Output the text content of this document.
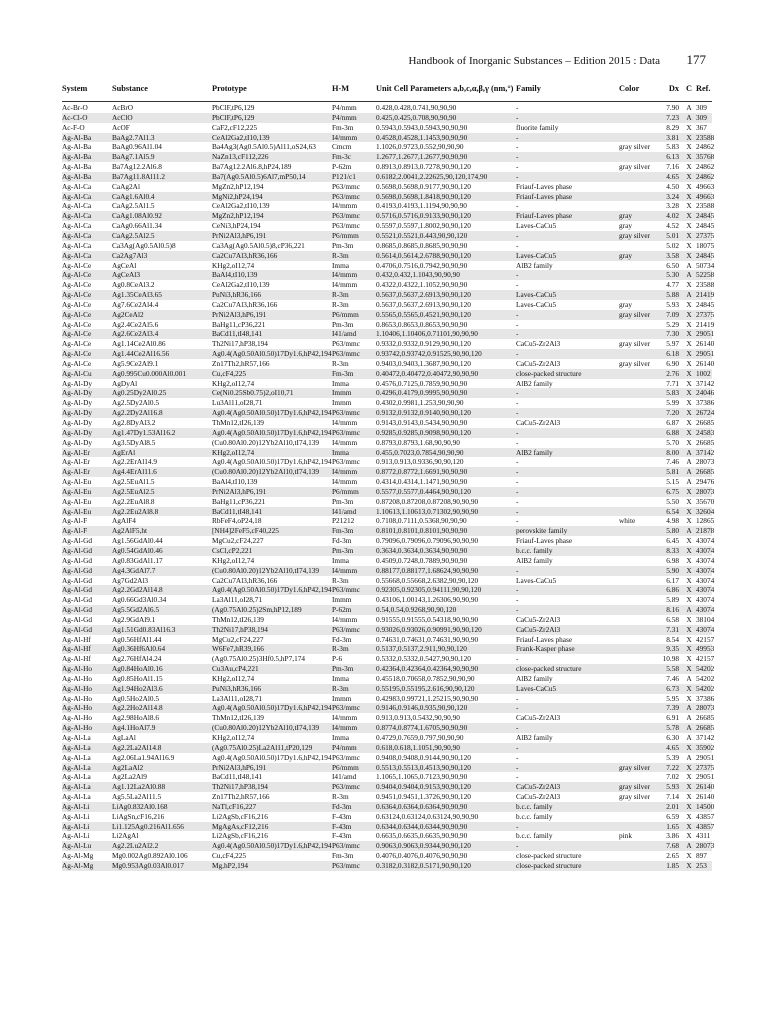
Handbook of Inorganic Substances – Edition 2015 : Data 177
System	Substance	Prototype	H-M	Unit Cell Parameters a,b,c,α,β,γ (nm,°) Family	Color	Dx C Ref.
Ac-Br-O	AcBrO	PbClF,tP6,129	P4/nmm	0.428,0.428,0.741,90,90,90	-	7.90	A 309
Ac-Cl-O	AcClO	PbClF,tP6,129	P4/nmm	0.425,0.425,0.708,90,90,90	-	7.23	A 309
Ac-F-O	AcOF	CaF2,cF12,225	Fm-3m	0.5943,0.5943,0.5943,90,90,90	fluorite family	8.29	X 367
Ag-Al-Ba	BaAg2.7Al1.3	CeAl2Ga2,tI10,139	I4/mmm	0.4528,0.4528,1.1453,90,90,90	-	3.81	X 23588
Ag-Al-Ba	BaAg0.96Al1.04	Ba4Ag3(Ag0.5Al0.5)Al11,oS24,63	Cmcm	1.1026,0.9723,0.552,90,90,90	-	gray silver	5.83	X 24862
Ag-Al-Ba	BaAg7.1Al5.9	NaZn13,cF112,226	Fm-3c	1.2677,1.2677,1.2677,90,90,90	-	6.13	X 35768
Ag-Al-Ba	Ba7Ag12.2Al6.8	Ba7Ag12.2Al6.8,hP24,189	P-62m	0.8913,0.8913,0.7278,90,90,120	-	gray silver	7.16	X 24862
Ag-Al-Ba	Ba7Ag11.8Al11.2	Ba7(Ag0.5Al0.5)6Al7,mP50,14	P121/c1	0.6182,2.0041,2.22625,90,120,174,90	-	4.65	X 24862
Ag-Al-Ca	CaAg2Al	MgZn2,hP12,194	P63/mmc	0.5698,0.5698,0.9177,90,90,120	Friauf-Laves phase	4.50	X 49663
Ag-Al-Ca	CaAg1.6Al0.4	MgNi2,hP24,194	P63/mmc	0.5698,0.5698,1.8418,90,90,120	Friauf-Laves phase	3.24	X 49663
Ag-Al-Ca	CaAg2.5Al1.5	CeAl2Ga2,tI10,139	I4/mmm	0.4193,0.4193,1.1194,90,90,90	-	3.28	X 23588
Ag-Al-Ca	CaAg1.08Al0.92	MgZn2,hP12,194	P63/mmc	0.5716,0.5716,0.9133,90,90,120	Friauf-Laves phase	gray	4.02	X 24845
Ag-Al-Ca	CaAg0.66Al1.34	CeNi3,hP24,194	P63/mmc	0.5597,0.5597,1.8002,90,90,120	Laves-CaCu5	gray	4.52	X 24845
Ag-Al-Ca	CaAg2.5Al2.5	PrNi2Al3,hP6,191	P6/mmm	0.5521,0.5521,0.443,90,90,120	-	gray silver	5.01	X 27375
Ag-Al-Ca	Ca3Ag(Ag0.5Al0.5)8	Ca3Ag(Ag0.5Al0.5)8,cP36,221	Pm-3m	0.8685,0.8685,0.8685,90,90,90	-	5.02	X 18075
Ag-Al-Ca	Ca2Ag7Al3	Ca2Cu7Al3,hR36,166	R-3m	0.5614,0.5614,2.6788,90,90,120	Laves-CaCu5	gray	3.58	X 24845
Ag-Al-Ce	AgCeAl	KHg2,oI12,74	Imma	0.4706,0.7516,0.7942,90,90,90	AlB2 family	6.50	A 50734
Ag-Al-Ce	AgCeAl3	BaAl4,tI10,139	I4/mmm	0.432,0.432,1.1043,90,90,90	-	5.30	A 52258
Ag-Al-Ce	Ag0.8CeAl3.2	CeAl2Ga2,tI10,139	I4/mmm	0.4322,0.4322,1.1052,90,90,90	-	4.77	X 23588
Ag-Al-Ce	Ag1.35CeAl3.65	PuNi3,hR36,166	R-3m	0.5637,0.5637,2.6913,90,90,120	Laves-CaCu5	5.88	A 21419
Ag-Al-Ce	Ag7.6Ce2Al4.4	Ca2Cu7Al3,hR36,166	R-3m	0.5637,0.5637,2.6913,90,90,120	Laves-CaCu5	gray	5.93	X 24845
Ag-Al-Ce	Ag2CeAl2	PrNi2Al3,hP6,191	P6/mmm	0.5565,0.5565,0.4521,90,90,120	-	gray silver	7.09	X 27375
Ag-Al-Ce	Ag2.4Ce2Al5.6	BaHg11,cP36,221	Pm-3m	0.8653,0.8653,0.8653,90,90,90	-	5.29	X 21419
Ag-Al-Ce	Ag2.6Ce2Al3.4	BaCd11,tI48,141	I41/amd	1.10406,1.10406,0.71101,90,90,90	-	7.30	X 29051
Ag-Al-Ce	Ag1.14Ce2Al0.86	Th2Ni17,hP38,194	P63/mmc	0.9332,0.9332,0.9129,90,90,120	CaCu5-Zr2Al3	gray silver	5.97	X 26140
Ag-Al-Ce	Ag1.44Ce2Al16.56	Ag0.4(Ag0.50Al0.50)17Dy1.6,hP42,194 P63/mmc	0.93742,0.93742,0.91525,90,90,120	-	6.18	X 29051
Ag-Al-Ce	Ag5.9Ce2Al9.1	Zn17Th2,hR57,166	R-3m	0.9403,0.9403,1.3687,90,90,120	CaCu5-Zr2Al3	gray silver	6.90	X 26140
Ag-Al-Cu	Ag0.995Cu0.000Al0.001	Cu,cF4,225	Fm-3m	0.40472,0.40472,0.40472,90,90,90	close-packed structure	2.76	X 1002
Ag-Al-Dy	AgDyAl	KHg2,oI12,74	Imma	0.4576,0.7125,0.7859,90,90,90	AlB2 family	7.71	X 37142
Ag-Al-Dy	Ag0.25Dy2Al0.25	Ce(Ni0.25Sb0.75)2,oI10,71	Immm	0.4296,0.4179,0.9995,90,90,90	-	5.83	X 24046
Ag-Al-Dy	Ag2.5Dy2Al0.5	Lu3Al11,oI28,71	Immm	0.4302,0.9981,1.253,90,90,90	-	5.99	X 37386
Ag-Al-Dy	Ag2.2Dy2Al16.8	Ag0.4(Ag0.50Al0.50)17Dy1.6,hP42,194 P63/mmc	0.9132,0.9132,0.9140,90,90,120	-	7.20	X 26724
Ag-Al-Dy	Ag2.8DyAl3.2	ThMn12,tI26,139	I4/mmm	0.9143,0.9143,0.5434,90,90,90	CaCu5-Zr2Al3	6.87	X 26685
Ag-Al-Dy	Ag1.47Dy1.53Al16.2	Ag0.4(Ag0.50Al0.50)17Dy1.6,hP42,194 P63/mmc	0.9285,0.9285,0.9098,90,90,120	-	6.88	X 24583
Ag-Al-Dy	Ag3.5DyAl8.5	(Cu0.80Al0.20)12Yb2Al10,tI74,139	I4/mmm	0.8793,0.8793,1.68,90,90,90	-	5.70	X 26685
Ag-Al-Er	AgErAl	KHg2,oI12,74	Imma	0.455,0.7023,0.7854,90,90,90	AlB2 family	8.00	A 37142
Ag-Al-Er	Ag2.2ErAl14.9	Ag0.4(Ag0.50Al0.50)17Dy1.6,hP42,194 P63/mmc	0.913,0.913,0.9336,90,90,120	-	7.46	A 28073
Ag-Al-Er	Ag4.4ErAl11.6	(Cu0.80Al0.20)12Yb2Al10,tI74,139	I4/mmm	0.8772,0.8772,1.6691,90,90,90	-	5.81	A 26685
Ag-Al-Eu	Ag2.5EuAl1.5	BaAl4,tI10,139	I4/mmm	0.4314,0.4314,1.1471,90,90,90	-	5.15	A 29476
Ag-Al-Eu	Ag2.5EuAl2.5	PrNi2Al3,hP6,191	P6/mmm	0.5577,0.5577,0.4464,90,90,120	-	6.75	X 28073
Ag-Al-Eu	Ag2.2EuAl8.8	BaHg11,cP36,221	Pm-3m	0.87208,0.87208,0.87208,90,90,90	-	5.50	X 35670
Ag-Al-Eu	Ag2.2Eu2Al8.8	BaCd11,tI48,141	I41/amd	1.10613,1.10613,0.71302,90,90,90	-	6.54	X 32604
Ag-Al-F	AgAlF4	RbFeF4,oP24,18	P21212	0.7108,0.7111,0.5368,90,90,90	-	white	4.98	X 12865
Ag-Al-F	Ag2AlF5,ht	[NH4]2FeF5,cF40,225	Fm-3m	0.8101,0.8101,0.8101,90,90,90	perovskite family	5.80	A 21878
Ag-Al-Gd	Ag1.56GdAl0.44	MgCu2,cF24,227	Fd-3m	0.79096,0.79096,0.79096,90,90,90	Friauf-Laves phase	6.45	X 43074
Ag-Al-Gd	Ag0.54GdAl0.46	CsCl,cP2,221	Pm-3m	0.3634,0.3634,0.3634,90,90,90	b.c.c. family	8.33	X 43074
Ag-Al-Gd	Ag0.83GdAl1.17	KHg2,oI12,74	Imma	0.4509,0.7248,0.7889,90,90,90	AlB2 family	6.98	X 43074
Ag-Al-Gd	Ag4.3GdAl7.7	(Cu0.80Al0.20)12Yb2Al10,tI74,139	I4/mmm	0.88177,0.88177,1.68624,90,90,90	-	5.90	X 43074
Ag-Al-Gd	Ag7Gd2Al3	Ca2Cu7Al3,hR36,166	R-3m	0.55668,0.55668,2.6382,90,90,120	Laves-CaCu5	6.17	X 43074
Ag-Al-Gd	Ag2.2Gd2Al14.8	Ag0.4(Ag0.50Al0.50)17Dy1.6,hP42,194 P63/mmc	0.92305,0.92305,0.94111,90,90,120	-	6.86	X 43074
Ag-Al-Gd	Ag0.66Gd3Al0.34	La3Al11,oI28,71	Immm	0.43106,1.00143,1.26306,90,90,90	-	5.89	X 43074
Ag-Al-Gd	Ag5.5Gd2Al6.5	(Ag0.75Al0.25)2Sm,hP12,189	P-62m	0.54,0.54,0.9268,90,90,120	-	8.16	A 43074
Ag-Al-Gd	Ag2.9GdAl9.1	ThMn12,tI26,139	I4/mmm	0.91555,0.91555,0.54318,90,90,90	CaCu5-Zr2Al3	6.58	X 38104
Ag-Al-Gd	Ag1.51Gd0.83Al16.3	Th2Ni17,hP38,194	P63/mmc	0.93026,0.93026,0.90991,90,90,120	CaCu5-Zr2Al3	7.31	X 43074
Ag-Al-Hf	Ag0.56HfAl1.44	MgCu2,cF24,227	Fd-3m	0.74631,0.74631,0.74631,90,90,90	Friauf-Laves phase	8.54	X 42157
Ag-Al-Hf	Ag0.36Hf6Al0.64	W6Fe7,hR39,166	R-3m	0.5137,0.5137,2.911,90,90,120	Frank-Kasper phase	9.35	X 49953
Ag-Al-Hf	Ag2.76HfAl4.24	(Ag0.75Al0.25)3Hf0.5,hP7,174	P-6	0.5332,0.5332,0.5427,90,90,120	-	10.98	X 42157
Ag-Al-Ho	Ag0.84HoAl0.16	Cu3Au,cP4,221	Pm-3m	0.42364,0.42364,0.42364,90,90,90	close-packed structure	5.58	X 54202
Ag-Al-Ho	Ag0.85HoAl1.15	KHg2,oI12,74	Imma	0.45518,0.70658,0.7852,90,90,90	AlB2 family	7.46	A 54202
Ag-Al-Ho	Ag1.94Ho2Al3.6	PuNi3,hR36,166	R-3m	0.55195,0.55195,2.616,90,90,120	Laves-CaCu5	6.73	X 54202
Ag-Al-Ho	Ag0.5Ho2Al0.5	La3Al11,oI28,71	Immm	0.42983,0.99721,1.25215,90,90,90	-	5.95	X 37386
Ag-Al-Ho	Ag2.2Ho2Al14.8	Ag0.4(Ag0.50Al0.50)17Dy1.6,hP42,194 P63/mmc	0.9146,0.9146,0.935,90,90,120	-	7.39	A 28073
Ag-Al-Ho	Ag2.98HoAl8.6	ThMn12,tI26,139	I4/mmm	0.913,0.913,0.5432,90,90,90	CaCu5-Zr2Al3	6.91	A 26685
Ag-Al-Ho	Ag4.1HoAl7.9	(Cu0.80Al0.20)12Yb2Al10,tI74,139	I4/mmm	0.8774,0.8774,1.6705,90,90,90	-	5.78	A 26685
Ag-Al-La	AgLaAl	KHg2,oI12,74	Imma	0.4729,0.7659,0.797,90,90,90	AlB2 family	6.30	A 37142
Ag-Al-La	Ag2.2La2Al14.8	(Ag0.75Al0.25)La2Al11,tP20,129	P4/nmm	0.618,0.618,1.1051,90,90,90	-	4.65	X 35902
Ag-Al-La	Ag2.06La1.94Al16.9	Ag0.4(Ag0.50Al0.50)17Dy1.6,hP42,194 P63/mmc	0.9408,0.9408,0.9144,90,90,120	-	5.39	A 29051
Ag-Al-La	Ag2LaAl2	PrNi2Al3,hP6,191	P6/mmm	0.5513,0.5513,0.4513,90,90,120	-	gray silver	7.22	X 27375
Ag-Al-La	Ag2La2Al9	BaCd11,tI48,141	I41/amd	1.1065,1.1065,0.7123,90,90,90	-	7.02	X 29051
Ag-Al-La	Ag1.12La2Al0.88	Th2Ni17,hP38,194	P63/mmc	0.9404,0.9404,0.9153,90,90,120	CaCu5-Zr2Al3	gray silver	5.93	X 26140
Ag-Al-La	Ag5.5La2Al11.5	Zn17Th2,hR57,166	R-3m	0.9451,0.9451,1.3726,90,90,120	CaCu5-Zr2Al3	gray silver	7.14	X 26140
Ag-Al-Li	LiAg0.832Al0.168	NaTl,cF16,227	Fd-3m	0.6364,0.6364,0.6364,90,90,90	b.c.c. family	2.01	X 14500
Ag-Al-Li	LiAgSn,cF16,216	Li2AgSb,cF16,216	F-43m	0.63124,0.63124,0.63124,90,90,90	b.c.c. family	6.59	X 43857
Ag-Al-Li	Li1.125Ag0.216Al1.656	MgAgAs,cF12,216	F-43m	0.6344,0.6344,0.6344,90,90,90	-	1.65	X 43857
Ag-Al-Li	Li2AgAl	Li2AgSb,cF16,216	F-43m	0.6635,0.6635,0.6635,90,90,90	b.c.c. family	pink	3.86	X 4311
Ag-Al-Lu	Ag2.2Lu2Al2.2	Ag0.4(Ag0.50Al0.50)17Dy1.6,hP42,194 P63/mmc	0.9063,0.9063,0.9344,90,90,120	-	7.68	A 28073
Ag-Al-Mg	Mg0.002Ag0.892Al0.106	Cu,cF4,225	Fm-3m	0.4076,0.4076,0.4076,90,90,90	close-packed structure	2.65	X 897
Ag-Al-Mg	Mg0.953Ag0.03Al0.017	Mg,hP2,194	P63/mmc	0.3182,0.3182,0.5171,90,90,120	close-packed structure	1.85	X 253
